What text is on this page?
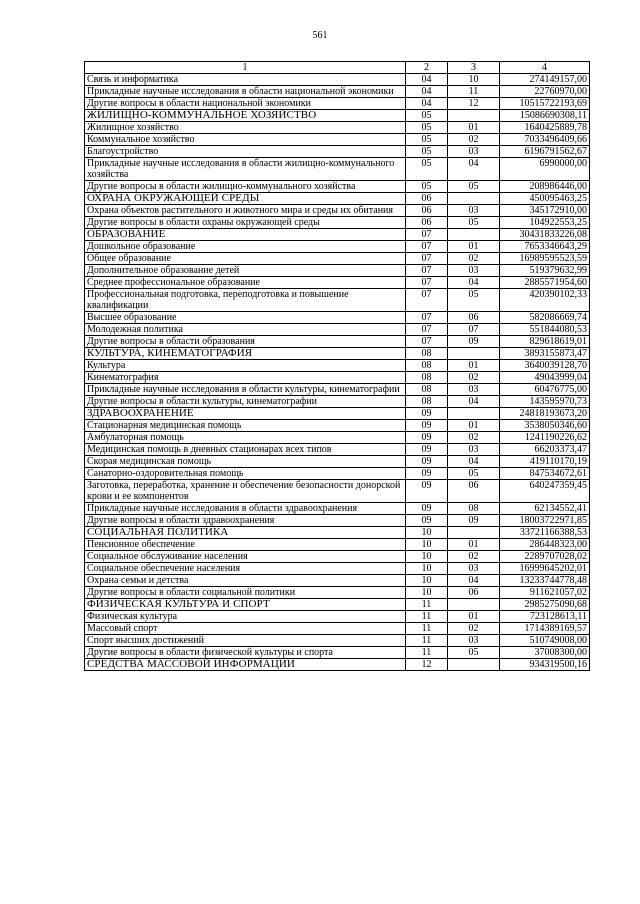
561
1	2	3	4
Связь и информатика	04	10	274149157,00
Прикладные научные исследования в области национальной экономики	04	11	22760970,00
Другие вопросы в области национальной экономики	04	12	10515722193,69
ЖИЛИЩНО-КОММУНАЛЬНОЕ ХОЗЯЙСТВО	05		15086690308,11
Жилищное хозяйство	05	01	1640425889,78
Коммунальное хозяйство	05	02	7033496409,66
Благоустройство	05	03	6196791562,67
Прикладные научные исследования в области жилищно-коммунального хозяйства	05	04	6990000,00
Другие вопросы в области жилищно-коммунального хозяйства	05	05	208986446,00
ОХРАНА ОКРУЖАЮЩЕЙ СРЕДЫ	06		450095463,25
Охрана объектов растительного и животного мира и среды их обитания	06	03	345172910,00
Другие вопросы в области охраны окружающей среды	06	05	104922553,25
ОБРАЗОВАНИЕ	07		30431833226,08
Дошкольное образование	07	01	7653346643,29
Общее образование	07	02	16989595523,59
Дополнительное образование детей	07	03	519379632,99
Среднее профессиональное образование	07	04	2885571954,60
Профессиональная подготовка, переподготовка и повышение квалификации	07	05	420390102,33
Высшее образование	07	06	582086669,74
Молодежная политика	07	07	551844080,53
Другие вопросы в области образования	07	09	829618619,01
КУЛЬТУРА, КИНЕМАТОГРАФИЯ	08		3893155873,47
Культура	08	01	3640039128,70
Кинематография	08	02	49043999,04
Прикладные научные исследования в области культуры, кинематографии	08	03	60476775,00
Другие вопросы в области культуры, кинематографии	08	04	143595970,73
ЗДРАВООХРАНЕНИЕ	09		24818193673,20
Стационарная медицинская помощь	09	01	3538050346,60
Амбулаторная помощь	09	02	1241190226,62
Медицинская помощь в дневных стационарах всех типов	09	03	66203373,47
Скорая медицинская помощь	09	04	419110170,19
Санаторно-оздоровительная помощь	09	05	847534672,61
Заготовка, переработка, хранение и обеспечение безопасности донорской крови и ее компонентов	09	06	640247359,45
Прикладные научные исследования в области здравоохранения	09	08	62134552,41
Другие вопросы в области здравоохранения	09	09	18003722971,85
СОЦИАЛЬНАЯ ПОЛИТИКА	10		33721166388,53
Пенсионное обеспечение	10	01	286448323,00
Социальное обслуживание населения	10	02	2289707028,02
Социальное обеспечение населения	10	03	16999645202,01
Охрана семьи и детства	10	04	13233744778,48
Другие вопросы в области социальной политики	10	06	911621057,02
ФИЗИЧЕСКАЯ КУЛЬТУРА И СПОРТ	11		2985275090,68
Физическая культура	11	01	723128613,11
Массовый спорт	11	02	1714389169,57
Спорт высших достижений	11	03	510749008,00
Другие вопросы в области физической культуры и спорта	11	05	37008300,00
СРЕДСТВА МАССОВОЙ ИНФОРМАЦИИ	12		934319500,16
